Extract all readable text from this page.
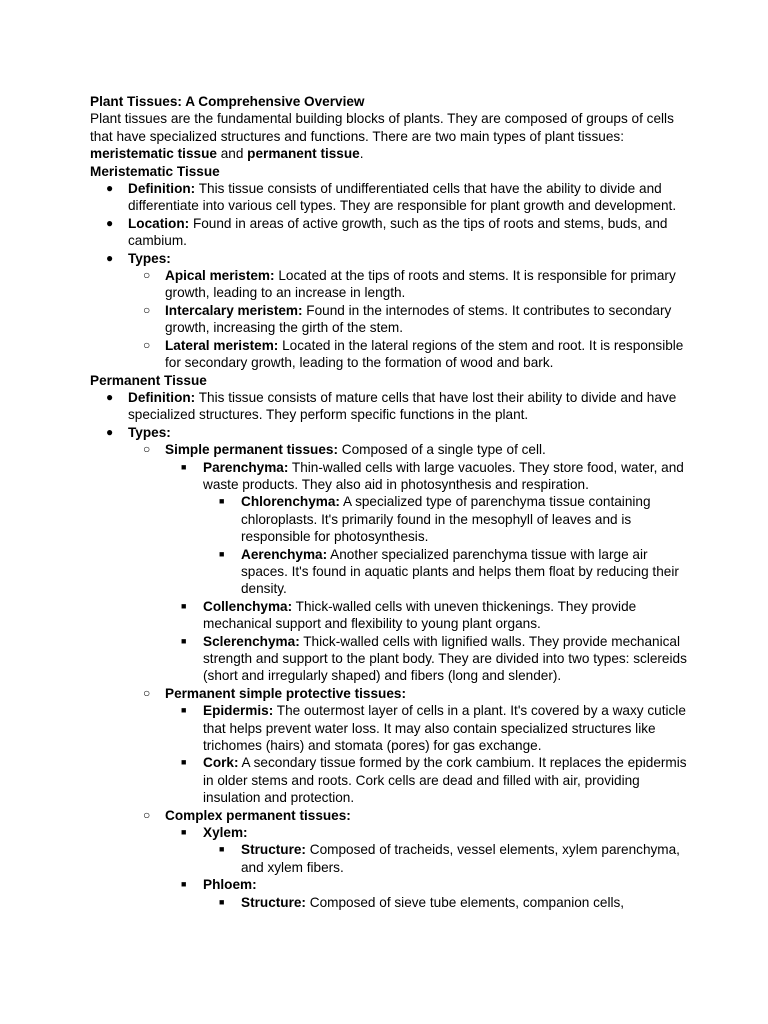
Plant Tissues: A Comprehensive Overview

Plant tissues are the fundamental building blocks of plants. They are composed of groups of cells that have specialized structures and functions. There are two main types of plant tissues: meristematic tissue and permanent tissue.

Meristematic Tissue

● Definition: This tissue consists of undifferentiated cells that have the ability to divide and differentiate into various cell types. They are responsible for plant growth and development.
● Location: Found in areas of active growth, such as the tips of roots and stems, buds, and cambium.
● Types:
○ Apical meristem: Located at the tips of roots and stems. It is responsible for primary growth, leading to an increase in length.
○ Intercalary meristem: Found in the internodes of stems. It contributes to secondary growth, increasing the girth of the stem.
○ Lateral meristem: Located in the lateral regions of the stem and root. It is responsible for secondary growth, leading to the formation of wood and bark.

Permanent Tissue

● Definition: This tissue consists of mature cells that have lost their ability to divide and have specialized structures. They perform specific functions in the plant.
● Types:
○ Simple permanent tissues: Composed of a single type of cell.
■ Parenchyma: Thin-walled cells with large vacuoles. They store food, water, and waste products. They also aid in photosynthesis and respiration.
■ Chlorenchyma: A specialized type of parenchyma tissue containing chloroplasts. It's primarily found in the mesophyll of leaves and is responsible for photosynthesis.
■ Aerenchyma: Another specialized parenchyma tissue with large air spaces. It's found in aquatic plants and helps them float by reducing their density.
■ Collenchyma: Thick-walled cells with uneven thickenings. They provide mechanical support and flexibility to young plant organs.
■ Sclerenchyma: Thick-walled cells with lignified walls. They provide mechanical strength and support to the plant body. They are divided into two types: sclereids (short and irregularly shaped) and fibers (long and slender).
○ Permanent simple protective tissues:
■ Epidermis: The outermost layer of cells in a plant. It's covered by a waxy cuticle that helps prevent water loss. It may also contain specialized structures like trichomes (hairs) and stomata (pores) for gas exchange.
■ Cork: A secondary tissue formed by the cork cambium. It replaces the epidermis in older stems and roots. Cork cells are dead and filled with air, providing insulation and protection.
○ Complex permanent tissues:
■ Xylem:
■ Structure: Composed of tracheids, vessel elements, xylem parenchyma, and xylem fibers.
■ Phloem:
■ Structure: Composed of sieve tube elements, companion cells,
